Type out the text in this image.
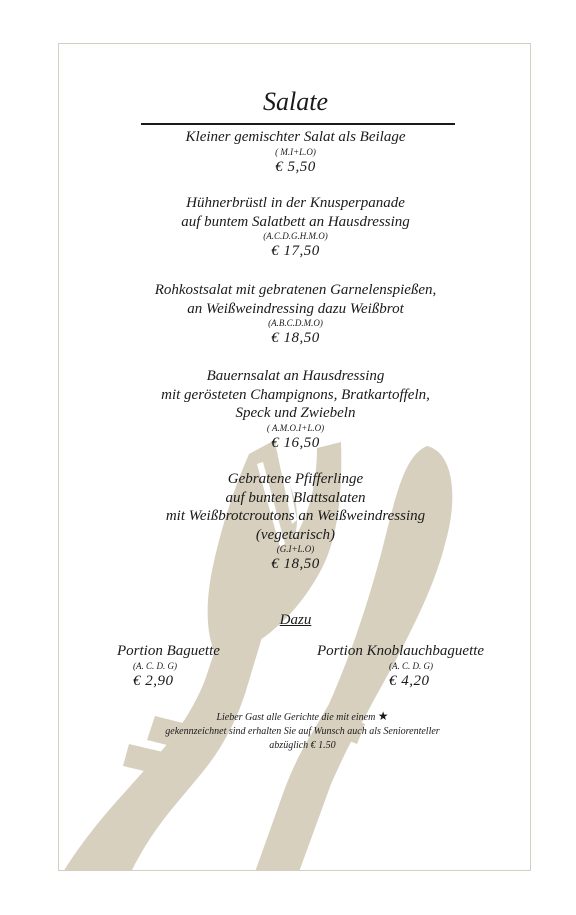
Salate
Kleiner gemischter Salat als Beilage
( M.I+L.O)
€ 5,50
Hühnerbrüstl in der Knusperpanade
auf buntem Salatbett an Hausdressing
(A.C.D.G.H.M.O)
€ 17,50
Rohkostsalat mit gebratenen Garnelenspießen,
an Weißweindressing dazu Weißbrot
(A.B.C.D.M.O)
€ 18,50
Bauernsalat an Hausdressing
mit gerösteten Champignons, Bratkartoffeln,
Speck und Zwiebeln
( A.M.O.I+L.O)
€ 16,50
Gebratene Pfifferlinge
auf bunten Blattsalaten
mit Weißbrotcroutons an Weißweindressing
(vegetarisch)
(G.I+L.O)
€ 18,50
Dazu
Portion Baguette
(A. C. D. G)
€ 2,90
Portion Knoblauchbaguette
(A. C. D. G)
€ 4,20
Lieber Gast alle Gerichte die mit einem ★
gekennzeichnet sind erhalten Sie auf Wunsch auch als Seniorenteller
abzüglich € 1.50
